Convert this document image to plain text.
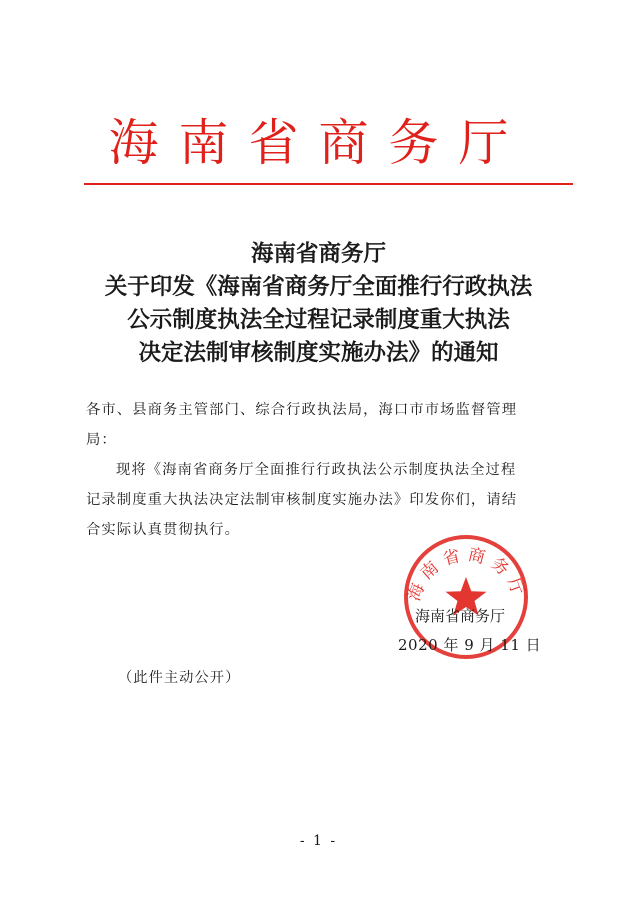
海南省商务厅
海南省商务厅
关于印发《海南省商务厅全面推行行政执法
公示制度执法全过程记录制度重大执法
决定法制审核制度实施办法》的通知
各市、县商务主管部门、综合行政执法局，海口市市场监督管理
局：
现将《海南省商务厅全面推行行政执法公示制度执法全过程
记录制度重大执法决定法制审核制度实施办法》印发你们，请结
合实际认真贯彻执行。
海南省商务厅
海南省商务厅
2020 年 9 月 11 日
（此件主动公开）
- 1 -
